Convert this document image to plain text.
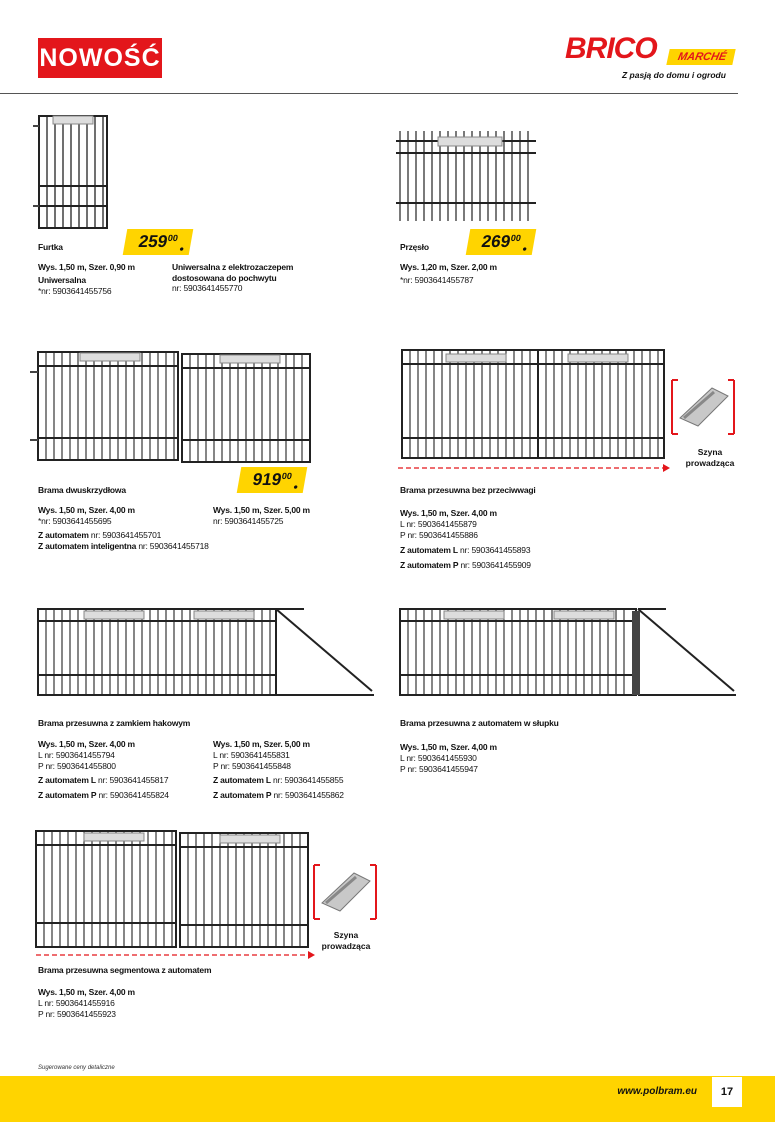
NOWOŚĆ	BRICO	MARCHÉ
Z pasją do domu i ogrodu
259
00
•
Furtka
Wys. 1,50 m, Szer. 0,90 m
Uniwersalna
*nr: 5903641455756
Uniwersalna z elektrozaczepem dostosowana do pochwytu
nr: 5903641455770
269
00
•
Przęsło
Wys. 1,20 m, Szer. 2,00 m
*nr: 5903641455787
919
00
•
Brama dwuskrzydłowa
Wys. 1,50 m, Szer. 4,00 m
*nr: 5903641455695
Z automatem nr: 5903641455701
Z automatem inteligentna nr: 5903641455718
Wys. 1,50 m, Szer. 5,00 m
nr: 5903641455725
Szyna
prowadząca
Brama przesuwna bez przeciwwagi
Wys. 1,50 m, Szer. 4,00 m
L nr: 5903641455879
P nr: 5903641455886
Z automatem L nr: 5903641455893
Z automatem P nr: 5903641455909
Brama przesuwna z zamkiem hakowym
Wys. 1,50 m, Szer. 4,00 m
L nr: 5903641455794
P nr: 5903641455800
Z automatem L nr: 5903641455817
Z automatem P nr: 5903641455824
Wys. 1,50 m, Szer. 5,00 m
L nr: 5903641455831
P nr: 5903641455848
Z automatem L nr: 5903641455855
Z automatem P nr: 5903641455862
Brama przesuwna z automatem w słupku
Wys. 1,50 m, Szer. 4,00 m
L nr: 5903641455930
P nr: 5903641455947
Szyna
prowadząca
Brama przesuwna segmentowa z automatem
Wys. 1,50 m, Szer. 4,00 m
L nr: 5903641455916
P nr: 5903641455923
Sugerowane ceny detaliczne
www.polbram.eu	17
